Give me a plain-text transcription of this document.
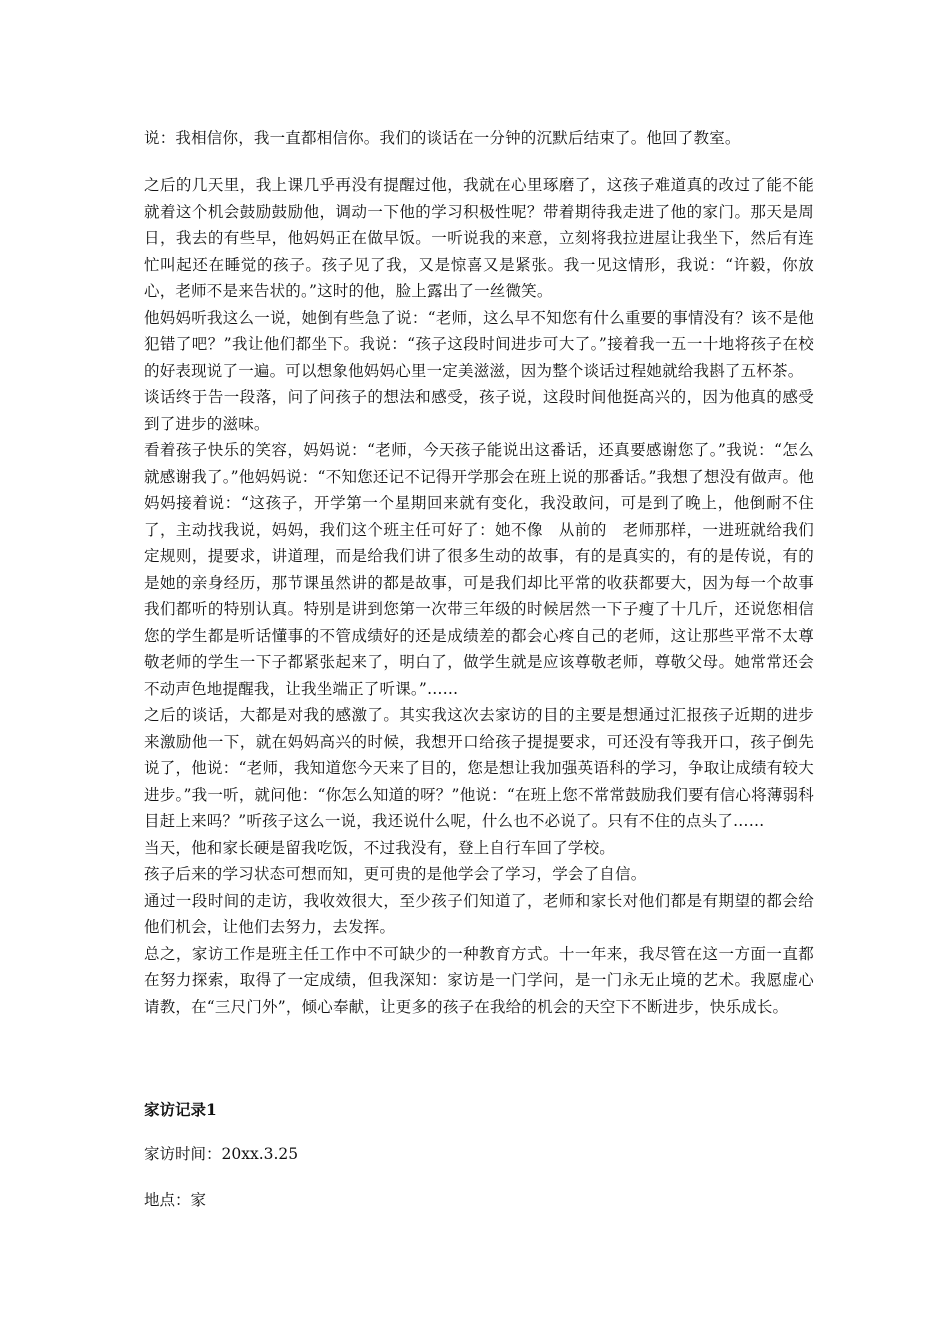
说：我相信你，我一直都相信你。我们的谈话在一分钟的沉默后结束了。他回了教室。

之后的几天里，我上课几乎再没有提醒过他，我就在心里琢磨了，这孩子难道真的改过了能不能就着这个机会鼓励鼓励他，调动一下他的学习积极性呢？带着期待我走进了他的家门。那天是周日，我去的有些早，他妈妈正在做早饭。一听说我的来意，立刻将我拉进屋让我坐下，然后有连忙叫起还在睡觉的孩子。孩子见了我，又是惊喜又是紧张。我一见这情形，我说：“许毅，你放心，老师不是来告状的。”这时的他，脸上露出了一丝微笑。

他妈妈听我这么一说，她倒有些急了说：“老师，这么早不知您有什么重要的事情没有？该不是他犯错了吧？”我让他们都坐下。我说：“孩子这段时间进步可大了。”接着我一五一十地将孩子在校的好表现说了一遍。可以想象他妈妈心里一定美滋滋，因为整个谈话过程她就给我斟了五杯茶。

谈话终于告一段落，问了问孩子的想法和感受，孩子说，这段时间他挺高兴的，因为他真的感受到了进步的滋味。

看着孩子快乐的笑容，妈妈说：“老师，今天孩子能说出这番话，还真要感谢您了。”我说：“怎么就感谢我了。”他妈妈说：“不知您还记不记得开学那会在班上说的那番话。”我想了想没有做声。他妈妈接着说：“这孩子，开学第一个星期回来就有变化，我没敢问，可是到了晚上，他倒耐不住了，主动找我说，妈妈，我们这个班主任可好了：她不像　从前的　老师那样，一进班就给我们定规则，提要求，讲道理，而是给我们讲了很多生动的故事，有的是真实的，有的是传说，有的是她的亲身经历，那节课虽然讲的都是故事，可是我们却比平常的收获都要大，因为每一个故事我们都听的特别认真。特别是讲到您第一次带三年级的时候居然一下子瘦了十几斤，还说您相信您的学生都是听话懂事的不管成绩好的还是成绩差的都会心疼自己的老师，这让那些平常不太尊敬老师的学生一下子都紧张起来了，明白了，做学生就是应该尊敬老师，尊敬父母。她常常还会不动声色地提醒我，让我坐端正了听课。”……

之后的谈话，大都是对我的感激了。其实我这次去家访的目的主要是想通过汇报孩子近期的进步来激励他一下，就在妈妈高兴的时候，我想开口给孩子提提要求，可还没有等我开口，孩子倒先说了，他说：“老师，我知道您今天来了目的，您是想让我加强英语科的学习，争取让成绩有较大进步。”我一听，就问他：“你怎么知道的呀？”他说：“在班上您不常常鼓励我们要有信心将薄弱科目赶上来吗？”听孩子这么一说，我还说什么呢，什么也不必说了。只有不住的点头了……

当天，他和家长硬是留我吃饭，不过我没有，登上自行车回了学校。

孩子后来的学习状态可想而知，更可贵的是他学会了学习，学会了自信。

通过一段时间的走访，我收效很大，至少孩子们知道了，老师和家长对他们都是有期望的都会给他们机会，让他们去努力，去发挥。

总之，家访工作是班主任工作中不可缺少的一种教育方式。十一年来，我尽管在这一方面一直都在努力探索，取得了一定成绩，但我深知：家访是一门学问，是一门永无止境的艺术。我愿虚心请教，在“三尺门外”，倾心奉献，让更多的孩子在我给的机会的天空下不断进步，快乐成长。

家访记录1

家访时间：20xx.3.25

地点：家
